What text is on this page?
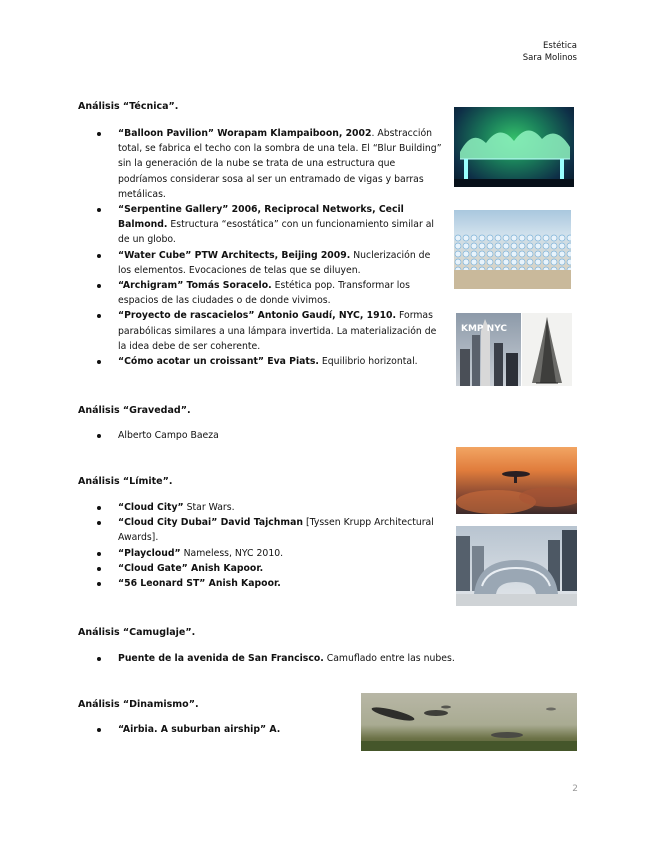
Estética
Sara Molinos
Análisis “Técnica”.
“Balloon Pavilion” Worapam Klampaiboon, 2002. Abstracción total, se fabrica el techo con la sombra de una tela. El “Blur Building” sin la generación de la nube se trata de una estructura que podríamos considerar sosa al ser un entramado de vigas y barras metálicas.
“Serpentine Gallery” 2006, Reciprocal Networks, Cecil Balmond. Estructura “esostática” con un funcionamiento similar al de un globo.
“Water Cube” PTW Architects, Beijing 2009. Nuclerización de los elementos. Evocaciones de telas que se diluyen.
“Archigram” Tomás Soracelo. Estética pop. Transformar los espacios de las ciudades o de donde vivimos.
“Proyecto de rascacielos” Antonio Gaudí, NYC, 1910. Formas parabólicas similares a una lámpara invertida. La materialización de la idea debe de ser coherente.
“Cómo acotar un croissant” Eva Piats. Equilibrio horizontal.
Análisis “Gravedad”.
Alberto Campo Baeza
Análisis “Límite”.
“Cloud City” Star Wars.
“Cloud City Dubai” David Tajchman [Tyssen Krupp Architectural Awards].
“Playcloud” Nameless, NYC 2010.
“Cloud Gate” Anish Kapoor.
“56 Leonard ST” Anish Kapoor.
Análisis “Camuglaje”.
Puente de la avenida de San Francisco. Camuflado entre las nubes.
Análisis “Dinamismo”.
“Airbia. A suburban airship” A.
KMP NYC
2
